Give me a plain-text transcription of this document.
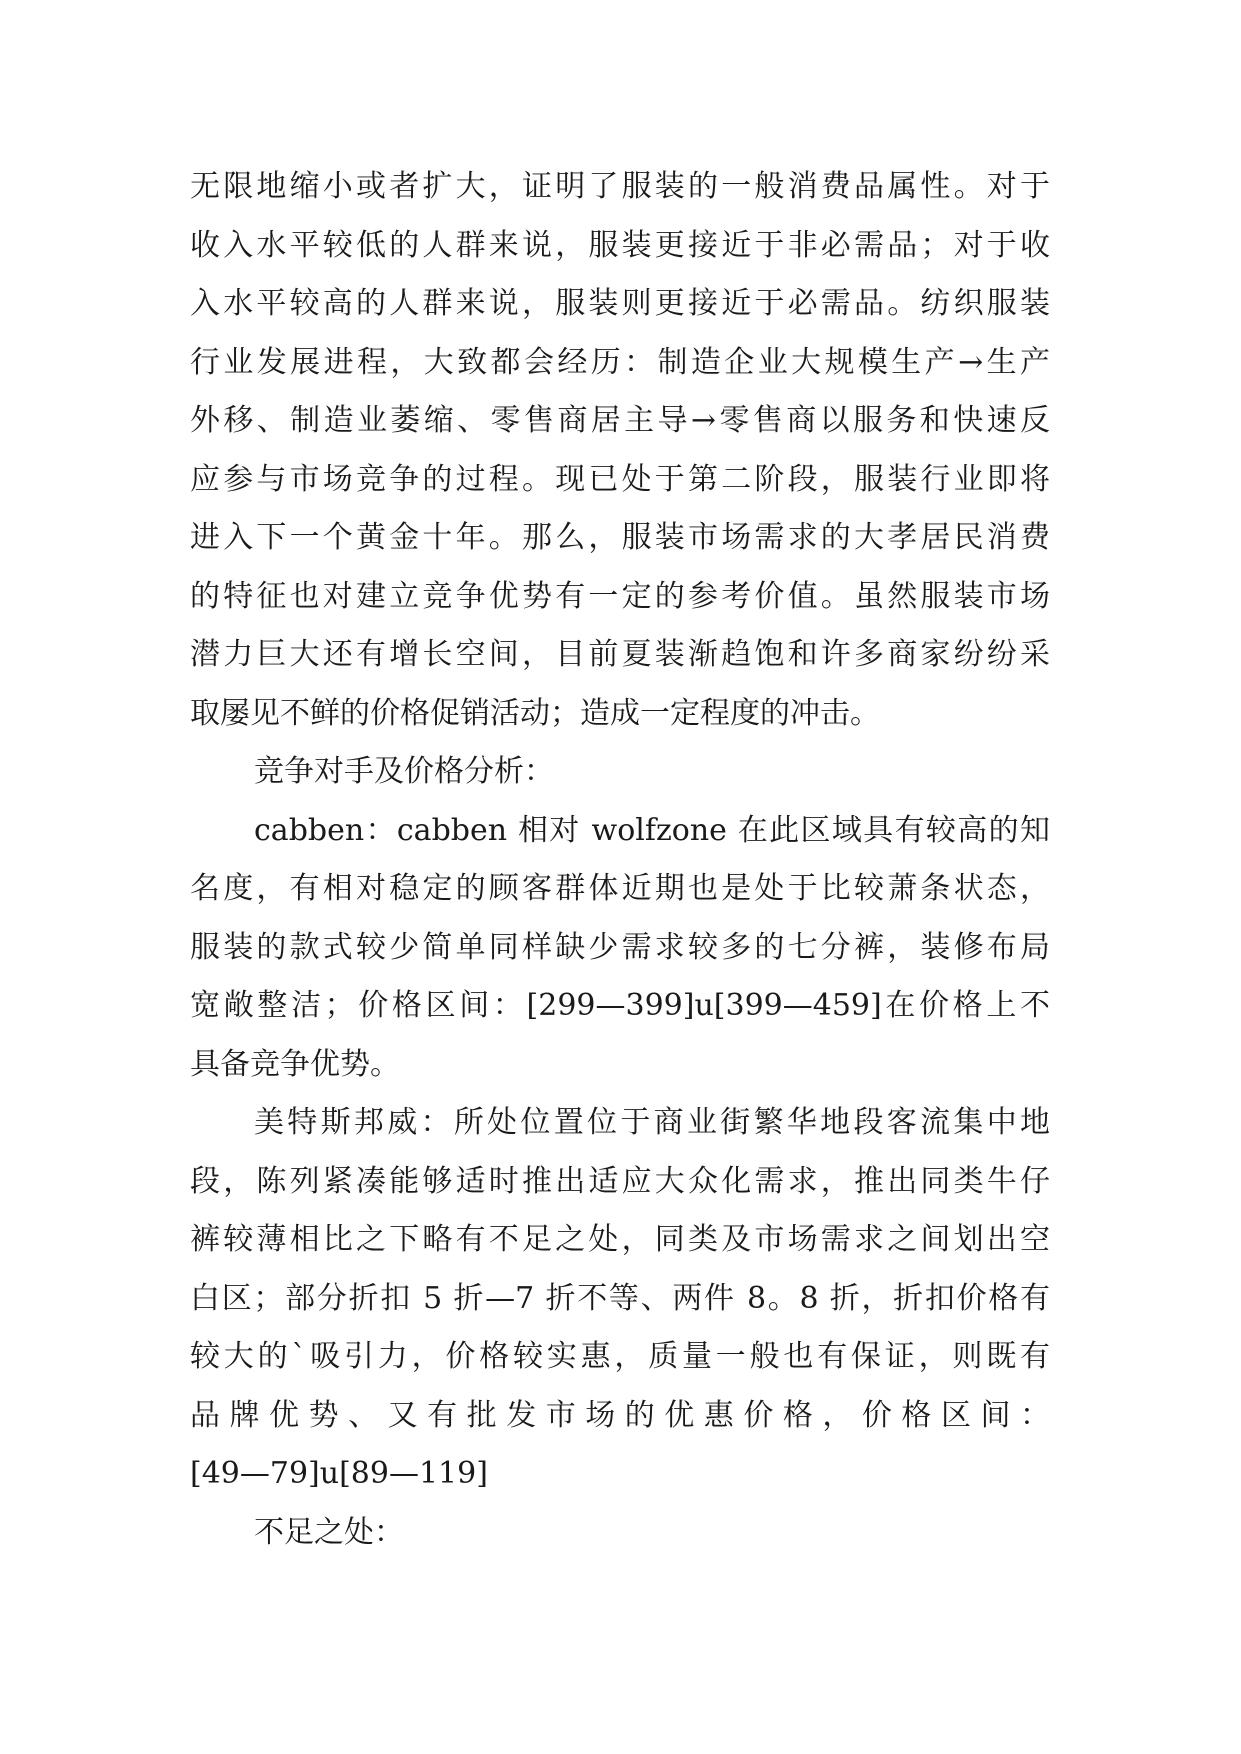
无限地缩小或者扩大，证明了服装的一般消费品属性。对于
收入水平较低的人群来说，服装更接近于非必需品；对于收
入水平较高的人群来说，服装则更接近于必需品。纺织服装
行业发展进程，大致都会经历：制造企业大规模生产→生产
外移、制造业萎缩、零售商居主导→零售商以服务和快速反
应参与市场竞争的过程。现已处于第二阶段，服装行业即将
进入下一个黄金十年。那么，服装市场需求的大孝居民消费
的特征也对建立竞争优势有一定的参考价值。虽然服装市场
潜力巨大还有增长空间，目前夏装渐趋饱和许多商家纷纷采
取屡见不鲜的价格促销活动；造成一定程度的冲击。
竞争对手及价格分析：
cabben：cabben 相对 wolfzone 在此区域具有较高的知
名度，有相对稳定的顾客群体近期也是处于比较萧条状态，
服装的款式较少简单同样缺少需求较多的七分裤，装修布局
宽敞整洁；价格区间：[299—399]u[399—459]在价格上不
具备竞争优势。
美特斯邦威：所处位置位于商业街繁华地段客流集中地
段，陈列紧凑能够适时推出适应大众化需求，推出同类牛仔
裤较薄相比之下略有不足之处，同类及市场需求之间划出空
白区；部分折扣 5 折—7 折不等、两件 8。8 折，折扣价格有
较大的`吸引力，价格较实惠，质量一般也有保证，则既有
品牌优势、又有批发市场的优惠价格，价格区间：
[49—79]u[89—119]
不足之处：
